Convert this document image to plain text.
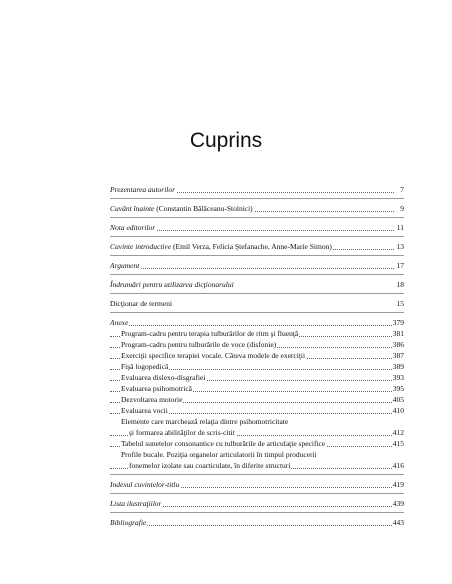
Cuprins
Prezentarea autorilor	7
Cuvânt înainte (Constantin Bălăceanu-Stolnici)	9
Nota editorilor	11
Cuvinte introductive (Emil Verza, Felicia Ştefanache, Anne-Marie Simon)	13
Argument	17
Îndrumări pentru utilizarea dicţionarului	18
Dicţionar de termeni	15
Anexe	379
Program-cadru pentru terapia tulburărilor de ritm şi fluenţă	381
Program-cadru pentru tulburările de voce (disfonie)	386
Exerciţii specifice terapiei vocale. Câteva modele de exerciţii	387
Fişă logopedică	389
Evaluarea dislexo-disgrafiei	393
Evaluarea psihomotrică	395
Dezvoltarea motorie	405
Evaluarea vocii	410
Elemente care marchează relaţia dintre psihomotricitate
şi formarea abilităţilor de scris-citit	412
Tabelul sunetelor consonantice cu tulburările de articulaţie specifice	415
Profile bucale. Poziţia organelor articulatorii în timpul producerii
fonemelor izolate sau coarticulate, în diferite structuri	416
Indexul cuvintelor-titlu	419
Lista ilustraţiilor	439
Bibliografie	443
